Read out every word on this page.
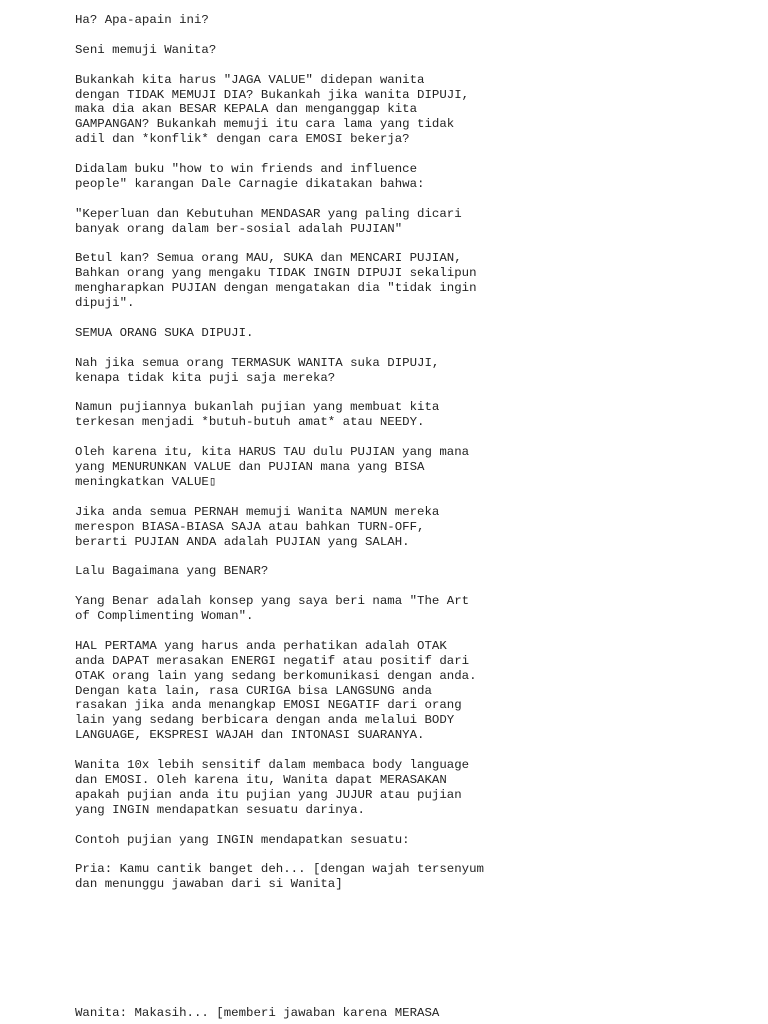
Ha? Apa-apain ini?

Seni memuji Wanita?

Bukankah kita harus "JAGA VALUE" didepan wanita
dengan TIDAK MEMUJI DIA? Bukankah jika wanita DIPUJI,
maka dia akan BESAR KEPALA dan menganggap kita
GAMPANGAN? Bukankah memuji itu cara lama yang tidak
adil dan *konflik* dengan cara EMOSI bekerja?

Didalam buku "how to win friends and influence
people" karangan Dale Carnagie dikatakan bahwa:

"Keperluan dan Kebutuhan MENDASAR yang paling dicari
banyak orang dalam ber-sosial adalah PUJIAN"

Betul kan? Semua orang MAU, SUKA dan MENCARI PUJIAN,
Bahkan orang yang mengaku TIDAK INGIN DIPUJI sekalipun
mengharapkan PUJIAN dengan mengatakan dia "tidak ingin
dipuji".

SEMUA ORANG SUKA DIPUJI.

Nah jika semua orang TERMASUK WANITA suka DIPUJI,
kenapa tidak kita puji saja mereka?

Namun pujiannya bukanlah pujian yang membuat kita
terkesan menjadi *butuh-butuh amat* atau NEEDY.

Oleh karena itu, kita HARUS TAU dulu PUJIAN yang mana
yang MENURUNKAN VALUE dan PUJIAN mana yang BISA
meningkatkan VALUE▯

Jika anda semua PERNAH memuji Wanita NAMUN mereka
merespon BIASA-BIASA SAJA atau bahkan TURN-OFF,
berarti PUJIAN ANDA adalah PUJIAN yang SALAH.

Lalu Bagaimana yang BENAR?

Yang Benar adalah konsep yang saya beri nama "The Art
of Complimenting Woman".

HAL PERTAMA yang harus anda perhatikan adalah OTAK
anda DAPAT merasakan ENERGI negatif atau positif dari
OTAK orang lain yang sedang berkomunikasi dengan anda.
Dengan kata lain, rasa CURIGA bisa LANGSUNG anda
rasakan jika anda menangkap EMOSI NEGATIF dari orang
lain yang sedang berbicara dengan anda melalui BODY
LANGUAGE, EKSPRESI WAJAH dan INTONASI SUARANYA.

Wanita 10x lebih sensitif dalam membaca body language
dan EMOSI. Oleh karena itu, Wanita dapat MERASAKAN
apakah pujian anda itu pujian yang JUJUR atau pujian
yang INGIN mendapatkan sesuatu darinya.

Contoh pujian yang INGIN mendapatkan sesuatu:

Pria: Kamu cantik banget deh... [dengan wajah tersenyum
dan menunggu jawaban dari si Wanita]

Wanita: Makasih... [memberi jawaban karena MERASA
